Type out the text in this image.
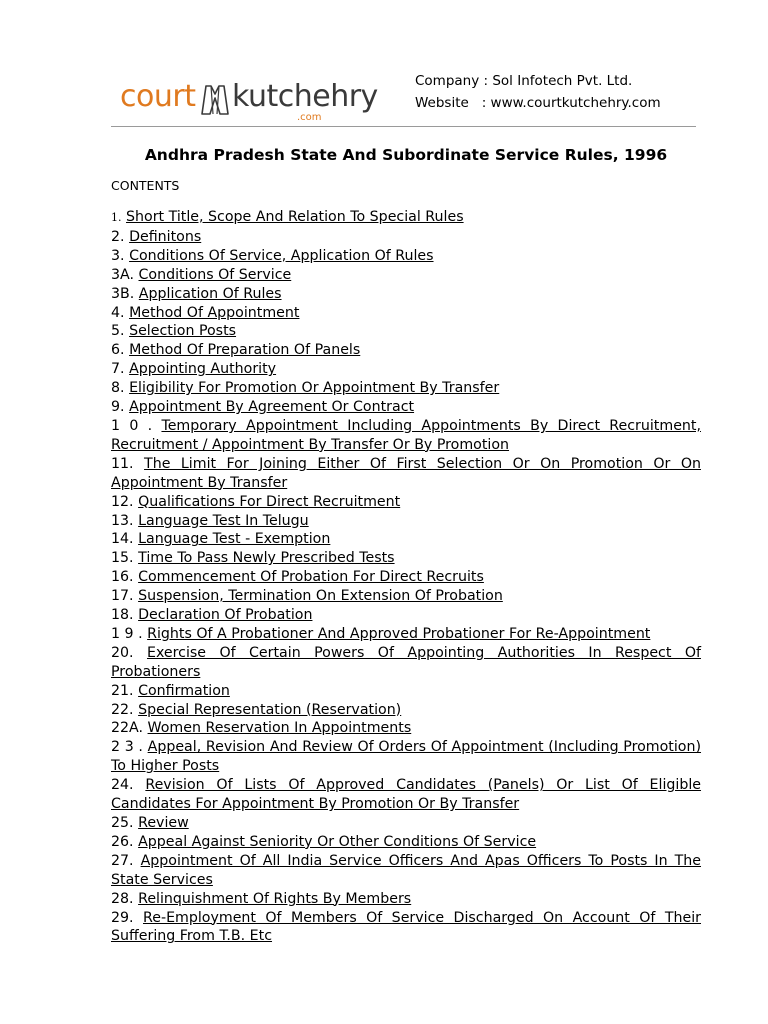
court kutchehry
.com
Company : Sol Infotech Pvt. Ltd.
Website   : www.courtkutchehry.com
Andhra Pradesh State And Subordinate Service Rules, 1996
CONTENTS
1. Short Title, Scope And Relation To Special Rules
2. Definitons
3. Conditions Of Service, Application Of Rules
3A. Conditions Of Service
3B. Application Of Rules
4. Method Of Appointment
5. Selection Posts
6. Method Of Preparation Of Panels
7. Appointing Authority
8. Eligibility For Promotion Or Appointment By Transfer
9. Appointment By Agreement Or Contract
1 0 . Temporary Appointment Including Appointments By Direct Recruitment, Recruitment / Appointment By Transfer Or By Promotion
11. The Limit For Joining Either Of First Selection Or On Promotion Or On Appointment By Transfer
12. Qualifications For Direct Recruitment
13. Language Test In Telugu
14. Language Test - Exemption
15. Time To Pass Newly Prescribed Tests
16. Commencement Of Probation For Direct Recruits
17. Suspension, Termination On Extension Of Probation
18. Declaration Of Probation
1 9 . Rights Of A Probationer And Approved Probationer For Re-Appointment
20. Exercise Of Certain Powers Of Appointing Authorities In Respect Of Probationers
21. Confirmation
22. Special Representation (Reservation)
22A. Women Reservation In Appointments
2 3 . Appeal, Revision And Review Of Orders Of Appointment (Including Promotion) To Higher Posts
24. Revision Of Lists Of Approved Candidates (Panels) Or List Of Eligible Candidates For Appointment By Promotion Or By Transfer
25. Review
26. Appeal Against Seniority Or Other Conditions Of Service
27. Appointment Of All India Service Officers And Apas Officers To Posts In The State Services
28. Relinquishment Of Rights By Members
29. Re-Employment Of Members Of Service Discharged On Account Of Their Suffering From T.B. Etc
